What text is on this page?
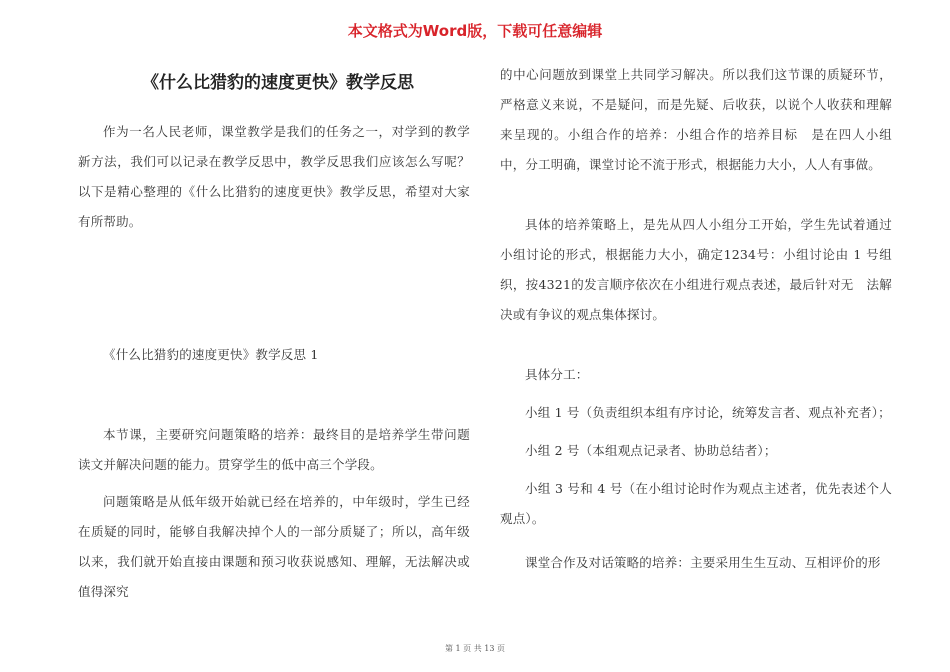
本文格式为Word版，下载可任意编辑
《什么比猎豹的速度更快》教学反思

作为一名人民老师，课堂教学是我们的任务之一，对学到的教学新方法，我们可以记录在教学反思中，教学反思我们应该怎么写呢？以下是精心整理的《什么比猎豹的速度更快》教学反思，希望对大家有所帮助。

《什么比猎豹的速度更快》教学反思 1

本节课，主要研究问题策略的培养：最终目的是培养学生带问题读文并解决问题的能力。贯穿学生的低中高三个学段。

问题策略是从低年级开始就已经在培养的，中年级时，学生已经在质疑的同时，能够自我解决掉个人的一部分质疑了；所以，高年级以来，我们就开始直接由课题和预习收获说感知、理解，无法解决或值得深究

的中心问题放到课堂上共同学习解决。所以我们这节课的质疑环节，严格意义来说，不是疑问，而是先疑、后收获，以说个人收获和理解来呈现的。小组合作的培养：小组合作的培养目标　是在四人小组中，分工明确，课堂讨论不流于形式，根据能力大小，人人有事做。

具体的培养策略上，是先从四人小组分工开始，学生先试着通过小组讨论的形式，根据能力大小，确定1234号：小组讨论由 1 号组织，按4321的发言顺序依次在小组进行观点表述，最后针对无　法解决或有争议的观点集体探讨。

具体分工：

小组 1 号（负责组织本组有序讨论，统筹发言者、观点补充者）；

小组 2 号（本组观点记录者、协助总结者）；

小组 3 号和 4 号（在小组讨论时作为观点主述者，优先表述个人观点）。

课堂合作及对话策略的培养：主要采用生生互动、互相评价的形

第 1 页 共 13 页
